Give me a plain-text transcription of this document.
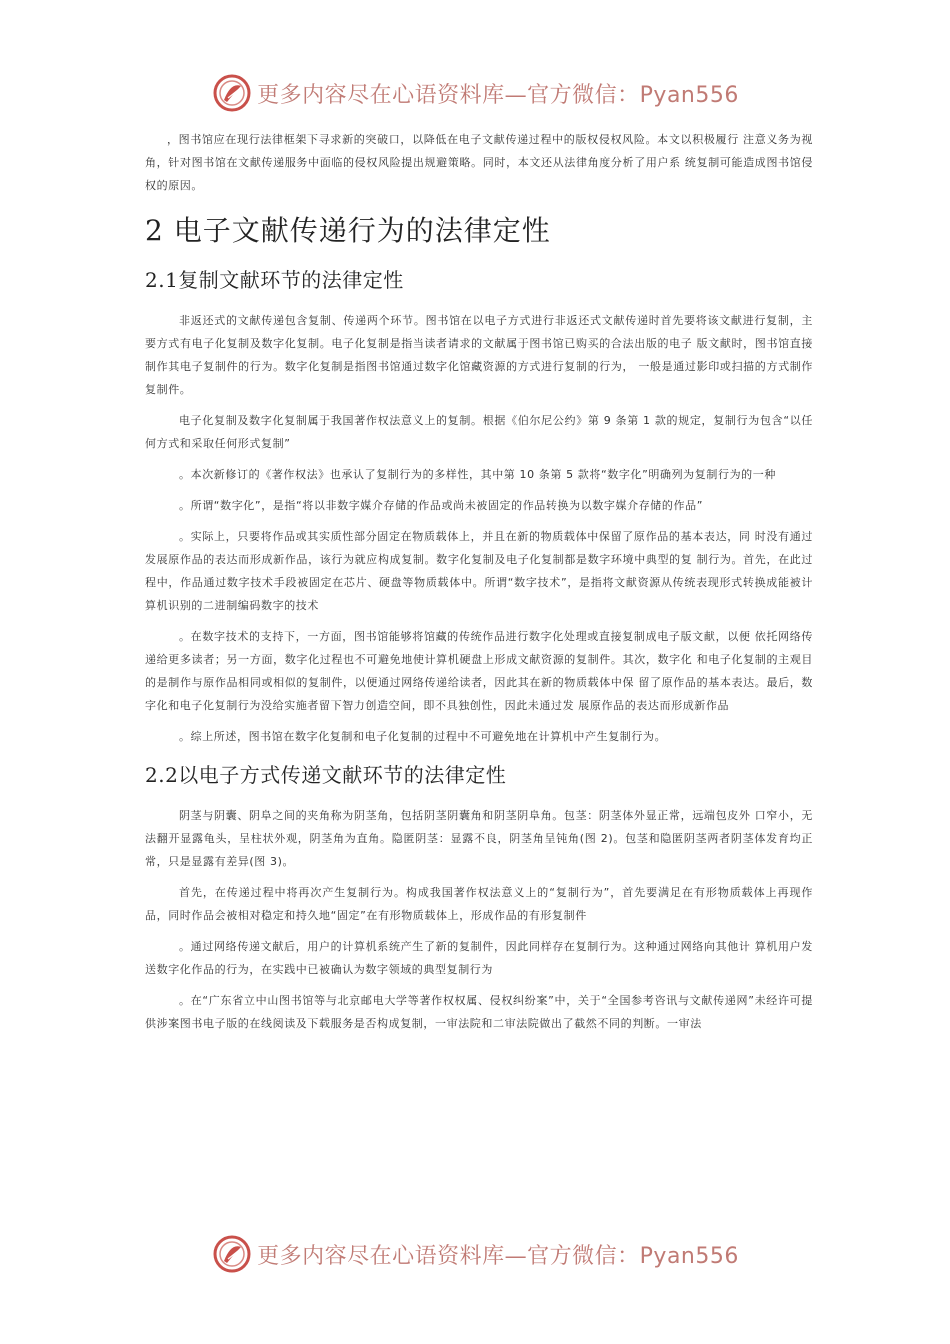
更多内容尽在心语资料库—官方微信：Pyan556

，图书馆应在现行法律框架下寻求新的突破口，以降低在电子文献传递过程中的版权侵权风险。本文以积极履行 注意义务为视角，针对图书馆在文献传递服务中面临的侵权风险提出规避策略。同时，本文还从法律角度分析了用户系 统复制可能造成图书馆侵权的原因。

2 电子文献传递行为的法律定性
2.1复制文献环节的法律定性

非返还式的文献传递包含复制、传递两个环节。图书馆在以电子方式进行非返还式文献传递时首先要将该文献进行复制，主要方式有电子化复制及数字化复制。电子化复制是指当读者请求的文献属于图书馆已购买的合法出版的电子 版文献时，图书馆直接制作其电子复制件的行为。数字化复制是指图书馆通过数字化馆藏资源的方式进行复制的行为， 一般是通过影印或扫描的方式制作复制件。

电子化复制及数字化复制属于我国著作权法意义上的复制。根据《伯尔尼公约》第 9 条第 1 款的规定，复制行为包含“以任何方式和采取任何形式复制”

。本次新修订的《著作权法》也承认了复制行为的多样性，其中第 10 条第 5 款将“数字化”明确列为复制行为的一种

。所谓“数字化”，是指“将以非数字媒介存储的作品或尚未被固定的作品转换为以数字媒介存储的作品”

。实际上，只要将作品或其实质性部分固定在物质载体上，并且在新的物质载体中保留了原作品的基本表达，同 时没有通过发展原作品的表达而形成新作品，该行为就应构成复制。数字化复制及电子化复制都是数字环境中典型的复 制行为。首先，在此过程中，作品通过数字技术手段被固定在芯片、硬盘等物质载体中。所谓“数字技术”，是指将文献资源从传统表现形式转换成能被计算机识别的二进制编码数字的技术

。在数字技术的支持下，一方面，图书馆能够将馆藏的传统作品进行数字化处理或直接复制成电子版文献，以便 依托网络传递给更多读者；另一方面，数字化过程也不可避免地使计算机硬盘上形成文献资源的复制件。其次，数字化 和电子化复制的主观目的是制作与原作品相同或相似的复制件，以便通过网络传递给读者，因此其在新的物质载体中保 留了原作品的基本表达。最后，数字化和电子化复制行为没给实施者留下智力创造空间，即不具独创性，因此未通过发 展原作品的表达而形成新作品

。综上所述，图书馆在数字化复制和电子化复制的过程中不可避免地在计算机中产生复制行为。

2.2以电子方式传递文献环节的法律定性

阴茎与阴囊、阴阜之间的夹角称为阴茎角，包括阴茎阴囊角和阴茎阴阜角。包茎：阴茎体外显正常，远端包皮外 口窄小，无法翻开显露龟头，呈柱状外观，阴茎角为直角。隐匿阴茎：显露不良，阴茎角呈钝角(图 2)。包茎和隐匿阴茎两者阴茎体发育均正常，只是显露有差异(图 3)。

首先，在传递过程中将再次产生复制行为。构成我国著作权法意义上的“复制行为”，首先要满足在有形物质载体上再现作品，同时作品会被相对稳定和持久地“固定”在有形物质载体上，形成作品的有形复制件

。通过网络传递文献后，用户的计算机系统产生了新的复制件，因此同样存在复制行为。这种通过网络向其他计 算机用户发送数字化作品的行为，在实践中已被确认为数字领域的典型复制行为

。在“广东省立中山图书馆等与北京邮电大学等著作权权属、侵权纠纷案”中，关于“全国参考咨讯与文献传递网”未经许可提供涉案图书电子版的在线阅读及下载服务是否构成复制，一审法院和二审法院做出了截然不同的判断。一审法

更多内容尽在心语资料库—官方微信：Pyan556
